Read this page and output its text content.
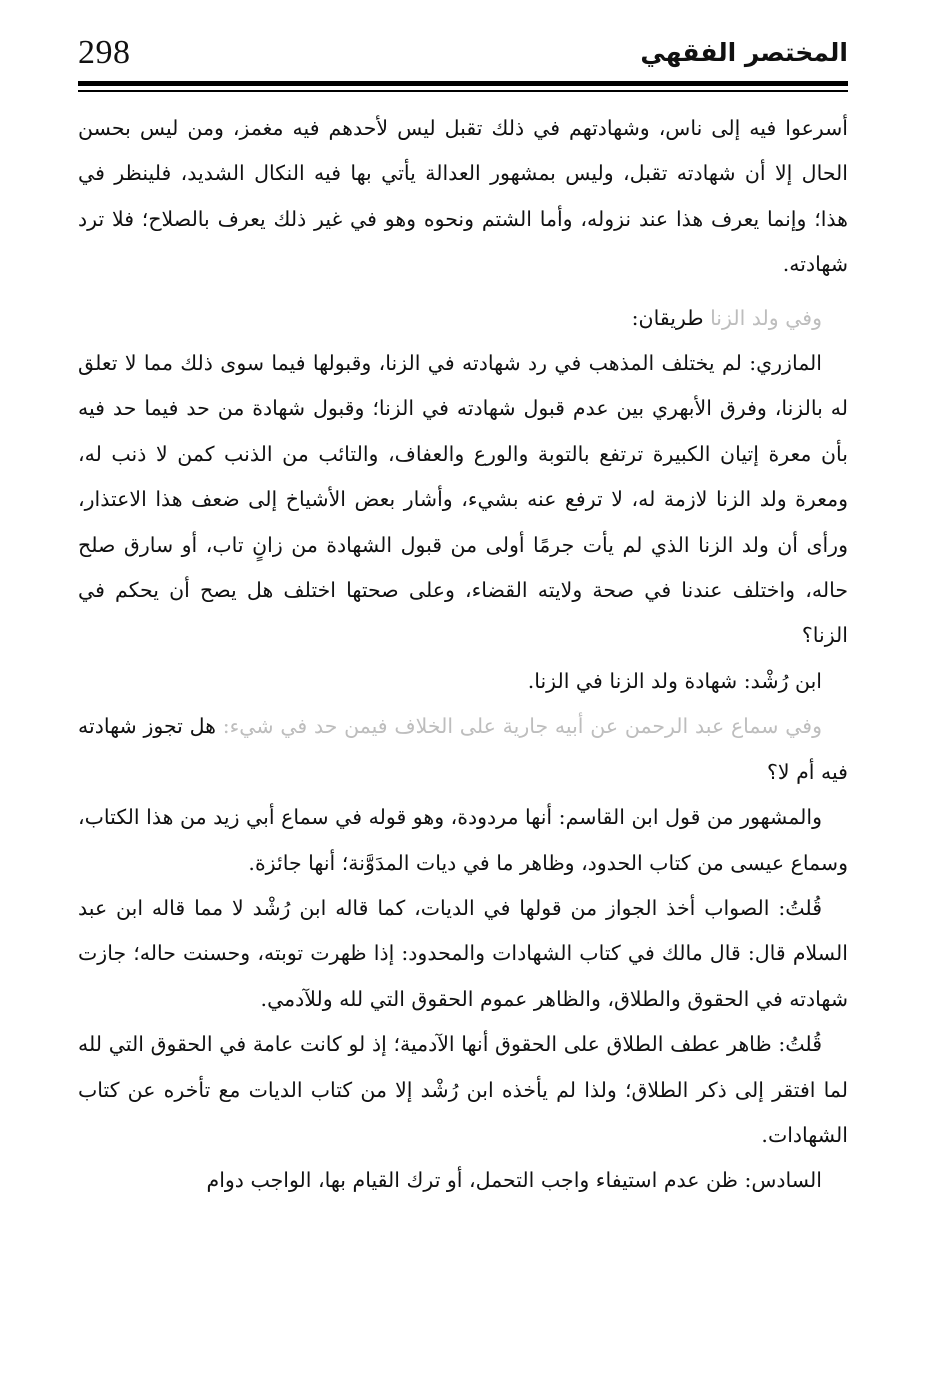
298	المختصر الفقهي

أسرعوا فيه إلى ناس، وشهادتهم في ذلك تقبل ليس لأحدهم فيه مغمز، ومن ليس بحسن الحال إلا أن شهادته تقبل، وليس بمشهور العدالة يأتي بها فيه النكال الشديد، فلينظر في هذا؛ وإنما يعرف هذا عند نزوله، وأما الشتم ونحوه وهو في غير ذلك يعرف بالصلاح؛ فلا ترد شهادته.

وفي ولد الزنا طريقان:

المازري: لم يختلف المذهب في رد شهادته في الزنا، وقبولها فيما سوى ذلك مما لا تعلق له بالزنا، وفرق الأبهري بين عدم قبول شهادته في الزنا؛ وقبول شهادة من حد فيما حد فيه بأن معرة إتيان الكبيرة ترتفع بالتوبة والورع والعفاف، والتائب من الذنب كمن لا ذنب له، ومعرة ولد الزنا لازمة له، لا ترفع عنه بشيء، وأشار بعض الأشياخ إلى ضعف هذا الاعتذار، ورأى أن ولد الزنا الذي لم يأت جرمًا أولى من قبول الشهادة من زانٍ تاب، أو سارق صلح حاله، واختلف عندنا في صحة ولايته القضاء، وعلى صحتها اختلف هل يصح أن يحكم في الزنا؟

ابن رُشْد: شهادة ولد الزنا في الزنا.

وفي سماع عبد الرحمن عن أبيه جارية على الخلاف فيمن حد في شيء: هل تجوز شهادته فيه أم لا؟

والمشهور من قول ابن القاسم: أنها مردودة، وهو قوله في سماع أبي زيد من هذا الكتاب، وسماع عيسى من كتاب الحدود، وظاهر ما في ديات المدَوَّنة؛ أنها جائزة.

قُلتُ: الصواب أخذ الجواز من قولها في الديات، كما قاله ابن رُشْد لا مما قاله ابن عبد السلام قال: قال مالك في كتاب الشهادات والمحدود: إذا ظهرت توبته، وحسنت حاله؛ جازت شهادته في الحقوق والطلاق، والظاهر عموم الحقوق التي لله وللآدمي.

قُلتُ: ظاهر عطف الطلاق على الحقوق أنها الآدمية؛ إذ لو كانت عامة في الحقوق التي لله لما افتقر إلى ذكر الطلاق؛ ولذا لم يأخذه ابن رُشْد إلا من كتاب الديات مع تأخره عن كتاب الشهادات.

السادس: ظن عدم استيفاء واجب التحمل، أو ترك القيام بها، الواجب دوام
